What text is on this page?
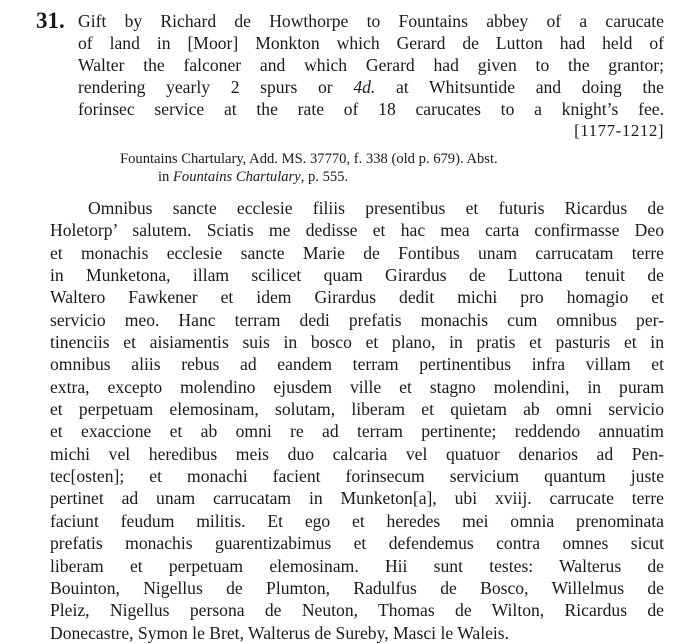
31. Gift by Richard de Howthorpe to Fountains abbey of a carucate
of land in [Moor] Monkton which Gerard de Lutton had held of
Walter the falconer and which Gerard had given to the grantor;
rendering yearly 2 spurs or 4d. at Whitsuntide and doing the
forinsec service at the rate of 18 carucates to a knight’s fee.
[1177-1212]
Fountains Chartulary, Add. MS. 37770, f. 338 (old p. 679). Abst.
in Fountains Chartulary, p. 555.
Omnibus sancte ecclesie filiis presentibus et futuris Ricardus de
Holetorp’ salutem. Sciatis me dedisse et hac mea carta confirmasse Deo
et monachis ecclesie sancte Marie de Fontibus unam carrucatam terre
in Munketona, illam scilicet quam Girardus de Luttona tenuit de
Waltero Fawkener et idem Girardus dedit michi pro homagio et
servicio meo. Hanc terram dedi prefatis monachis cum omnibus per-
tinenciis et aisiamentis suis in bosco et plano, in pratis et pasturis et in
omnibus aliis rebus ad eandem terram pertinentibus infra villam et
extra, excepto molendino ejusdem ville et stagno molendini, in puram
et perpetuam elemosinam, solutam, liberam et quietam ab omni servicio
et exaccione et ab omni re ad terram pertinente; reddendo annuatim
michi vel heredibus meis duo calcaria vel quatuor denarios ad Pen-
tec[osten]; et monachi facient forinsecum servicium quantum juste
pertinet ad unam carrucatam in Munketon[a], ubi xviij. carrucate terre
faciunt feudum militis. Et ego et heredes mei omnia prenominata
prefatis monachis guarentizabimus et defendemus contra omnes sicut
liberam et perpetuam elemosinam. Hii sunt testes: Walterus de
Bouinton, Nigellus de Plumton, Radulfus de Bosco, Willelmus de
Pleiz, Nigellus persona de Neuton, Thomas de Wilton, Ricardus de
Donecastre, Symon le Bret, Walterus de Sureby, Masci le Waleis.
